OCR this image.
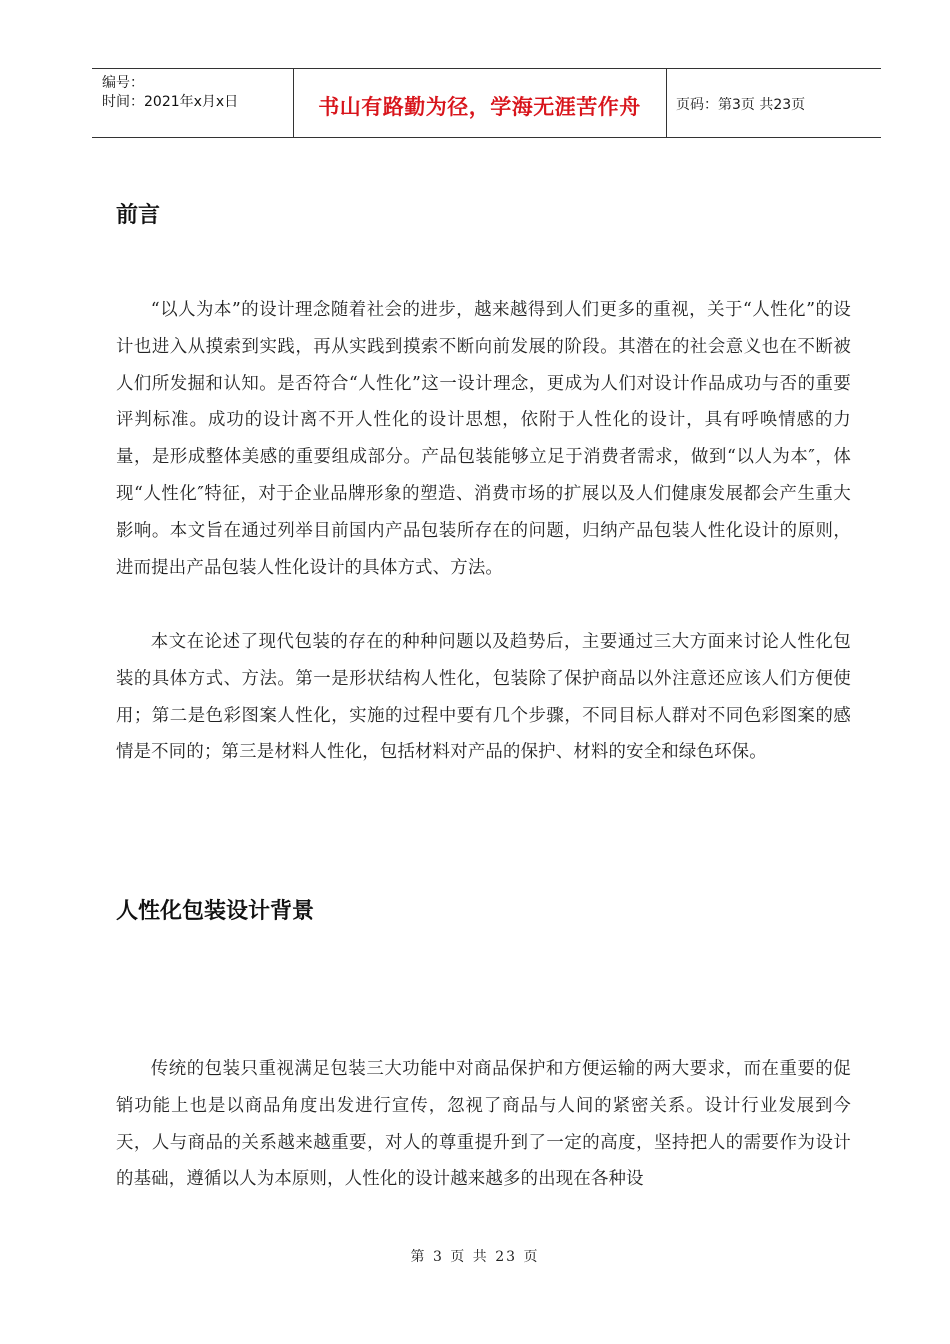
编号：
时间：2021年x月x日	书山有路勤为径，学海无涯苦作舟	页码：第3页 共23页
前言

“以人为本”的设计理念随着社会的进步，越来越得到人们更多的重视，关于“人性化”的设计也进入从摸索到实践，再从实践到摸索不断向前发展的阶段。其潜在的社会意义也在不断被人们所发掘和认知。是否符合“人性化”这一设计理念，更成为人们对设计作品成功与否的重要评判标准。成功的设计离不开人性化的设计思想，依附于人性化的设计，具有呼唤情感的力量，是形成整体美感的重要组成部分。产品包装能够立足于消费者需求，做到“以人为本″，体现“人性化″特征，对于企业品牌形象的塑造、消费市场的扩展以及人们健康发展都会产生重大影响。本文旨在通过列举目前国内产品包装所存在的问题，归纳产品包装人性化设计的原则，进而提出产品包装人性化设计的具体方式、方法。

本文在论述了现代包装的存在的种种问题以及趋势后，主要通过三大方面来讨论人性化包装的具体方式、方法。第一是形状结构人性化，包装除了保护商品以外注意还应该人们方便使用；第二是色彩图案人性化，实施的过程中要有几个步骤，不同目标人群对不同色彩图案的感情是不同的；第三是材料人性化，包括材料对产品的保护、材料的安全和绿色环保。

人性化包装设计背景

传统的包装只重视满足包装三大功能中对商品保护和方便运输的两大要求，而在重要的促销功能上也是以商品角度出发进行宣传，忽视了商品与人间的紧密关系。设计行业发展到今天，人与商品的关系越来越重要，对人的尊重提升到了一定的高度，坚持把人的需要作为设计的基础，遵循以人为本原则，人性化的设计越来越多的出现在各种设

第 3 页 共 23 页
